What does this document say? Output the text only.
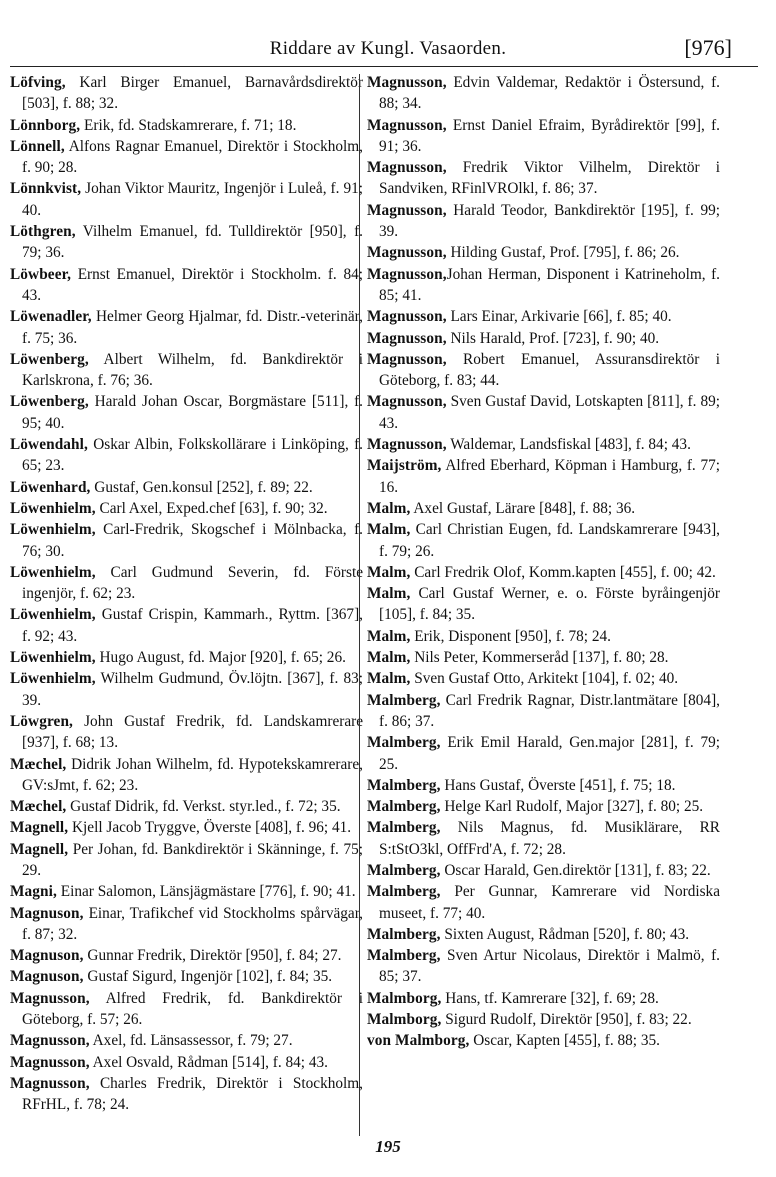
Riddare av Kungl. Vasaorden.	[976]

Löfving, Karl Birger Emanuel, Barnavårdsdirektör [503], f. 88; 32.

Lönnborg, Erik, fd. Stadskamrerare, f. 71; 18.

Lönnell, Alfons Ragnar Emanuel, Direktör i Stockholm, f. 90; 28.

Lönnkvist, Johan Viktor Mauritz, Ingenjör i Luleå, f. 91; 40.

Löthgren, Vilhelm Emanuel, fd. Tulldirektör [950], f. 79; 36.

Löwbeer, Ernst Emanuel, Direktör i Stockholm. f. 84; 43.

Löwenadler, Helmer Georg Hjalmar, fd. Distr.-veterinär, f. 75; 36.

Löwenberg, Albert Wilhelm, fd. Bankdirektör i Karlskrona, f. 76; 36.

Löwenberg, Harald Johan Oscar, Borgmästare [511], f. 95; 40.

Löwendahl, Oskar Albin, Folkskollärare i Linköping, f. 65; 23.

Löwenhard, Gustaf, Gen.konsul [252], f. 89; 22.

Löwenhielm, Carl Axel, Exped.chef [63], f. 90; 32.

Löwenhielm, Carl-Fredrik, Skogschef i Mölnbacka, f. 76; 30.

Löwenhielm, Carl Gudmund Severin, fd. Förste ingenjör, f. 62; 23.

Löwenhielm, Gustaf Crispin, Kammarh., Ryttm. [367], f. 92; 43.

Löwenhielm, Hugo August, fd. Major [920], f. 65; 26.

Löwenhielm, Wilhelm Gudmund, Öv.löjtn. [367], f. 83; 39.

Löwgren, John Gustaf Fredrik, fd. Landskamrerare [937], f. 68; 13.

Mæchel, Didrik Johan Wilhelm, fd. Hypotekskamrerare, GV:sJmt, f. 62; 23.

Mæchel, Gustaf Didrik, fd. Verkst. styr.led., f. 72; 35.

Magnell, Kjell Jacob Tryggve, Överste [408], f. 96; 41.

Magnell, Per Johan, fd. Bankdirektör i Skänninge, f. 75; 29.

Magni, Einar Salomon, Länsjägmästare [776], f. 90; 41.

Magnuson, Einar, Trafikchef vid Stockholms spårvägar, f. 87; 32.

Magnuson, Gunnar Fredrik, Direktör [950], f. 84; 27.

Magnuson, Gustaf Sigurd, Ingenjör [102], f. 84; 35.

Magnusson, Alfred Fredrik, fd. Bankdirektör i Göteborg, f. 57; 26.

Magnusson, Axel, fd. Länsassessor, f. 79; 27.

Magnusson, Axel Osvald, Rådman [514], f. 84; 43.

Magnusson, Charles Fredrik, Direktör i Stockholm, RFrHL, f. 78; 24.

Magnusson, Edvin Valdemar, Redaktör i Östersund, f. 88; 34.

Magnusson, Ernst Daniel Efraim, Byrådirektör [99], f. 91; 36.

Magnusson, Fredrik Viktor Vilhelm, Direktör i Sandviken, RFinlVROlkl, f. 86; 37.

Magnusson, Harald Teodor, Bankdirektör [195], f. 99; 39.

Magnusson, Hilding Gustaf, Prof. [795], f. 86; 26.

Magnusson,Johan Herman, Disponent i Katrineholm, f. 85; 41.

Magnusson, Lars Einar, Arkivarie [66], f. 85; 40.

Magnusson, Nils Harald, Prof. [723], f. 90; 40.

Magnusson, Robert Emanuel, Assuransdirektör i Göteborg, f. 83; 44.

Magnusson, Sven Gustaf David, Lotskapten [811], f. 89; 43.

Magnusson, Waldemar, Landsfiskal [483], f. 84; 43.

Maijström, Alfred Eberhard, Köpman i Hamburg, f. 77; 16.

Malm, Axel Gustaf, Lärare [848], f. 88; 36.

Malm, Carl Christian Eugen, fd. Landskamrerare [943], f. 79; 26.

Malm, Carl Fredrik Olof, Komm.kapten [455], f. 00; 42.

Malm, Carl Gustaf Werner, e. o. Förste byråingenjör [105], f. 84; 35.

Malm, Erik, Disponent [950], f. 78; 24.

Malm, Nils Peter, Kommerseråd [137], f. 80; 28.

Malm, Sven Gustaf Otto, Arkitekt [104], f. 02; 40.

Malmberg, Carl Fredrik Ragnar, Distr.lantmätare [804], f. 86; 37.

Malmberg, Erik Emil Harald, Gen.major [281], f. 79; 25.

Malmberg, Hans Gustaf, Överste [451], f. 75; 18.

Malmberg, Helge Karl Rudolf, Major [327], f. 80; 25.

Malmberg, Nils Magnus, fd. Musiklärare, RR S:tStO3kl, OffFrd'A, f. 72; 28.

Malmberg, Oscar Harald, Gen.direktör [131], f. 83; 22.

Malmberg, Per Gunnar, Kamrerare vid Nordiska museet, f. 77; 40.

Malmberg, Sixten August, Rådman [520], f. 80; 43.

Malmberg, Sven Artur Nicolaus, Direktör i Malmö, f. 85; 37.

Malmborg, Hans, tf. Kamrerare [32], f. 69; 28.

Malmborg, Sigurd Rudolf, Direktör [950], f. 83; 22.

von Malmborg, Oscar, Kapten [455], f. 88; 35.

195
